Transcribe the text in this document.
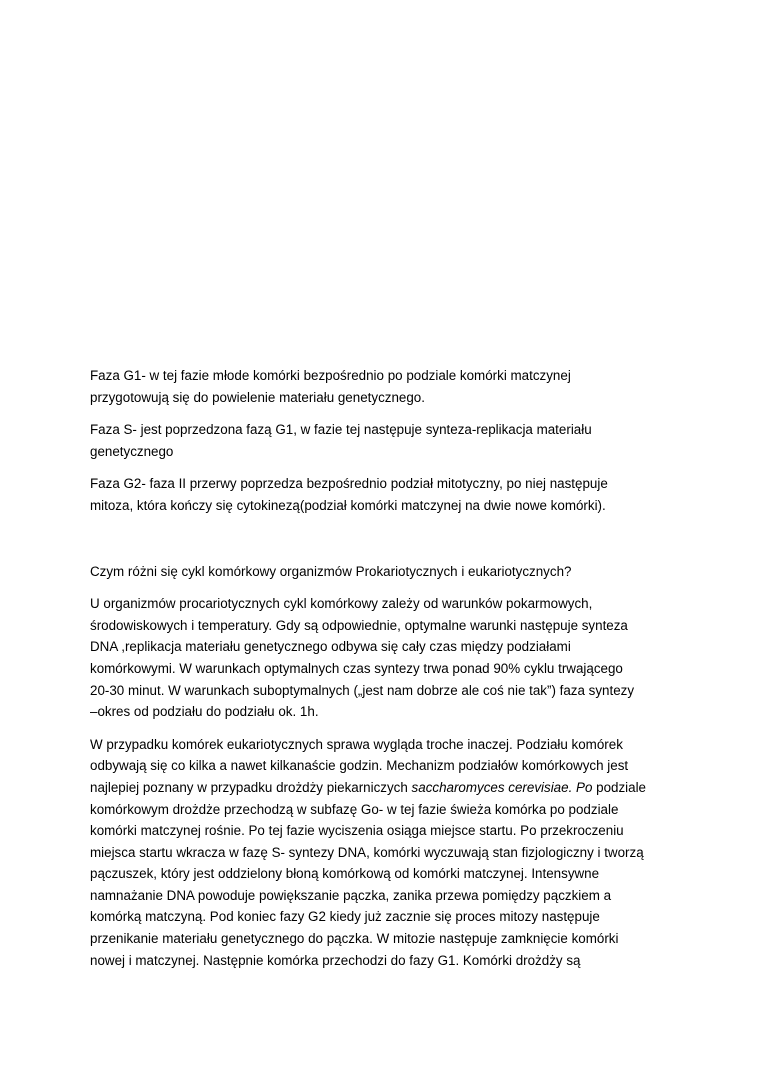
Faza G1- w tej fazie młode komórki bezpośrednio po podziale komórki matczynej
przygotowują się do powielenie materiału genetycznego.

Faza S- jest poprzedzona fazą G1, w fazie tej następuje synteza-replikacja materiału
genetycznego

Faza G2- faza II przerwy poprzedza bezpośrednio podział mitotyczny, po niej następuje
mitoza, która kończy się cytokinezą(podział komórki matczynej na dwie nowe komórki).

Czym różni się cykl komórkowy organizmów Prokariotycznych i eukariotycznych?

U organizmów procariotycznych cykl komórkowy zależy od warunków pokarmowych,
środowiskowych i temperatury. Gdy są odpowiednie, optymalne warunki następuje synteza
DNA ,replikacja materiału genetycznego odbywa się cały czas między podziałami
komórkowymi. W warunkach optymalnych czas syntezy trwa ponad 90% cyklu trwającego
20-30 minut. W warunkach suboptymalnych („jest nam dobrze ale coś nie tak”) faza syntezy
–okres od podziału do podziału ok. 1h.

W przypadku komórek eukariotycznych sprawa wygląda troche inaczej. Podziału komórek
odbywają się co kilka a nawet kilkanaście godzin. Mechanizm podziałów komórkowych jest
najlepiej poznany w przypadku drożdży piekarniczych saccharomyces cerevisiae. Po podziale
komórkowym drożdże przechodzą w subfazę Go- w tej fazie świeża komórka po podziale
komórki matczynej rośnie. Po tej fazie wyciszenia osiąga miejsce startu. Po przekroczeniu
miejsca startu wkracza w fazę S- syntezy DNA, komórki wyczuwają stan fizjologiczny i tworzą
pączuszek, który jest oddzielony błoną komórkową od komórki matczynej. Intensywne
namnażanie DNA powoduje powiększanie pączka, zanika przewa pomiędzy pączkiem a
komórką matczyną. Pod koniec fazy G2 kiedy już zacznie się proces mitozy następuje
przenikanie materiału genetycznego do pączka. W mitozie następuje zamknięcie komórki
nowej i matczynej. Następnie komórka przechodzi do fazy G1. Komórki drożdży są
